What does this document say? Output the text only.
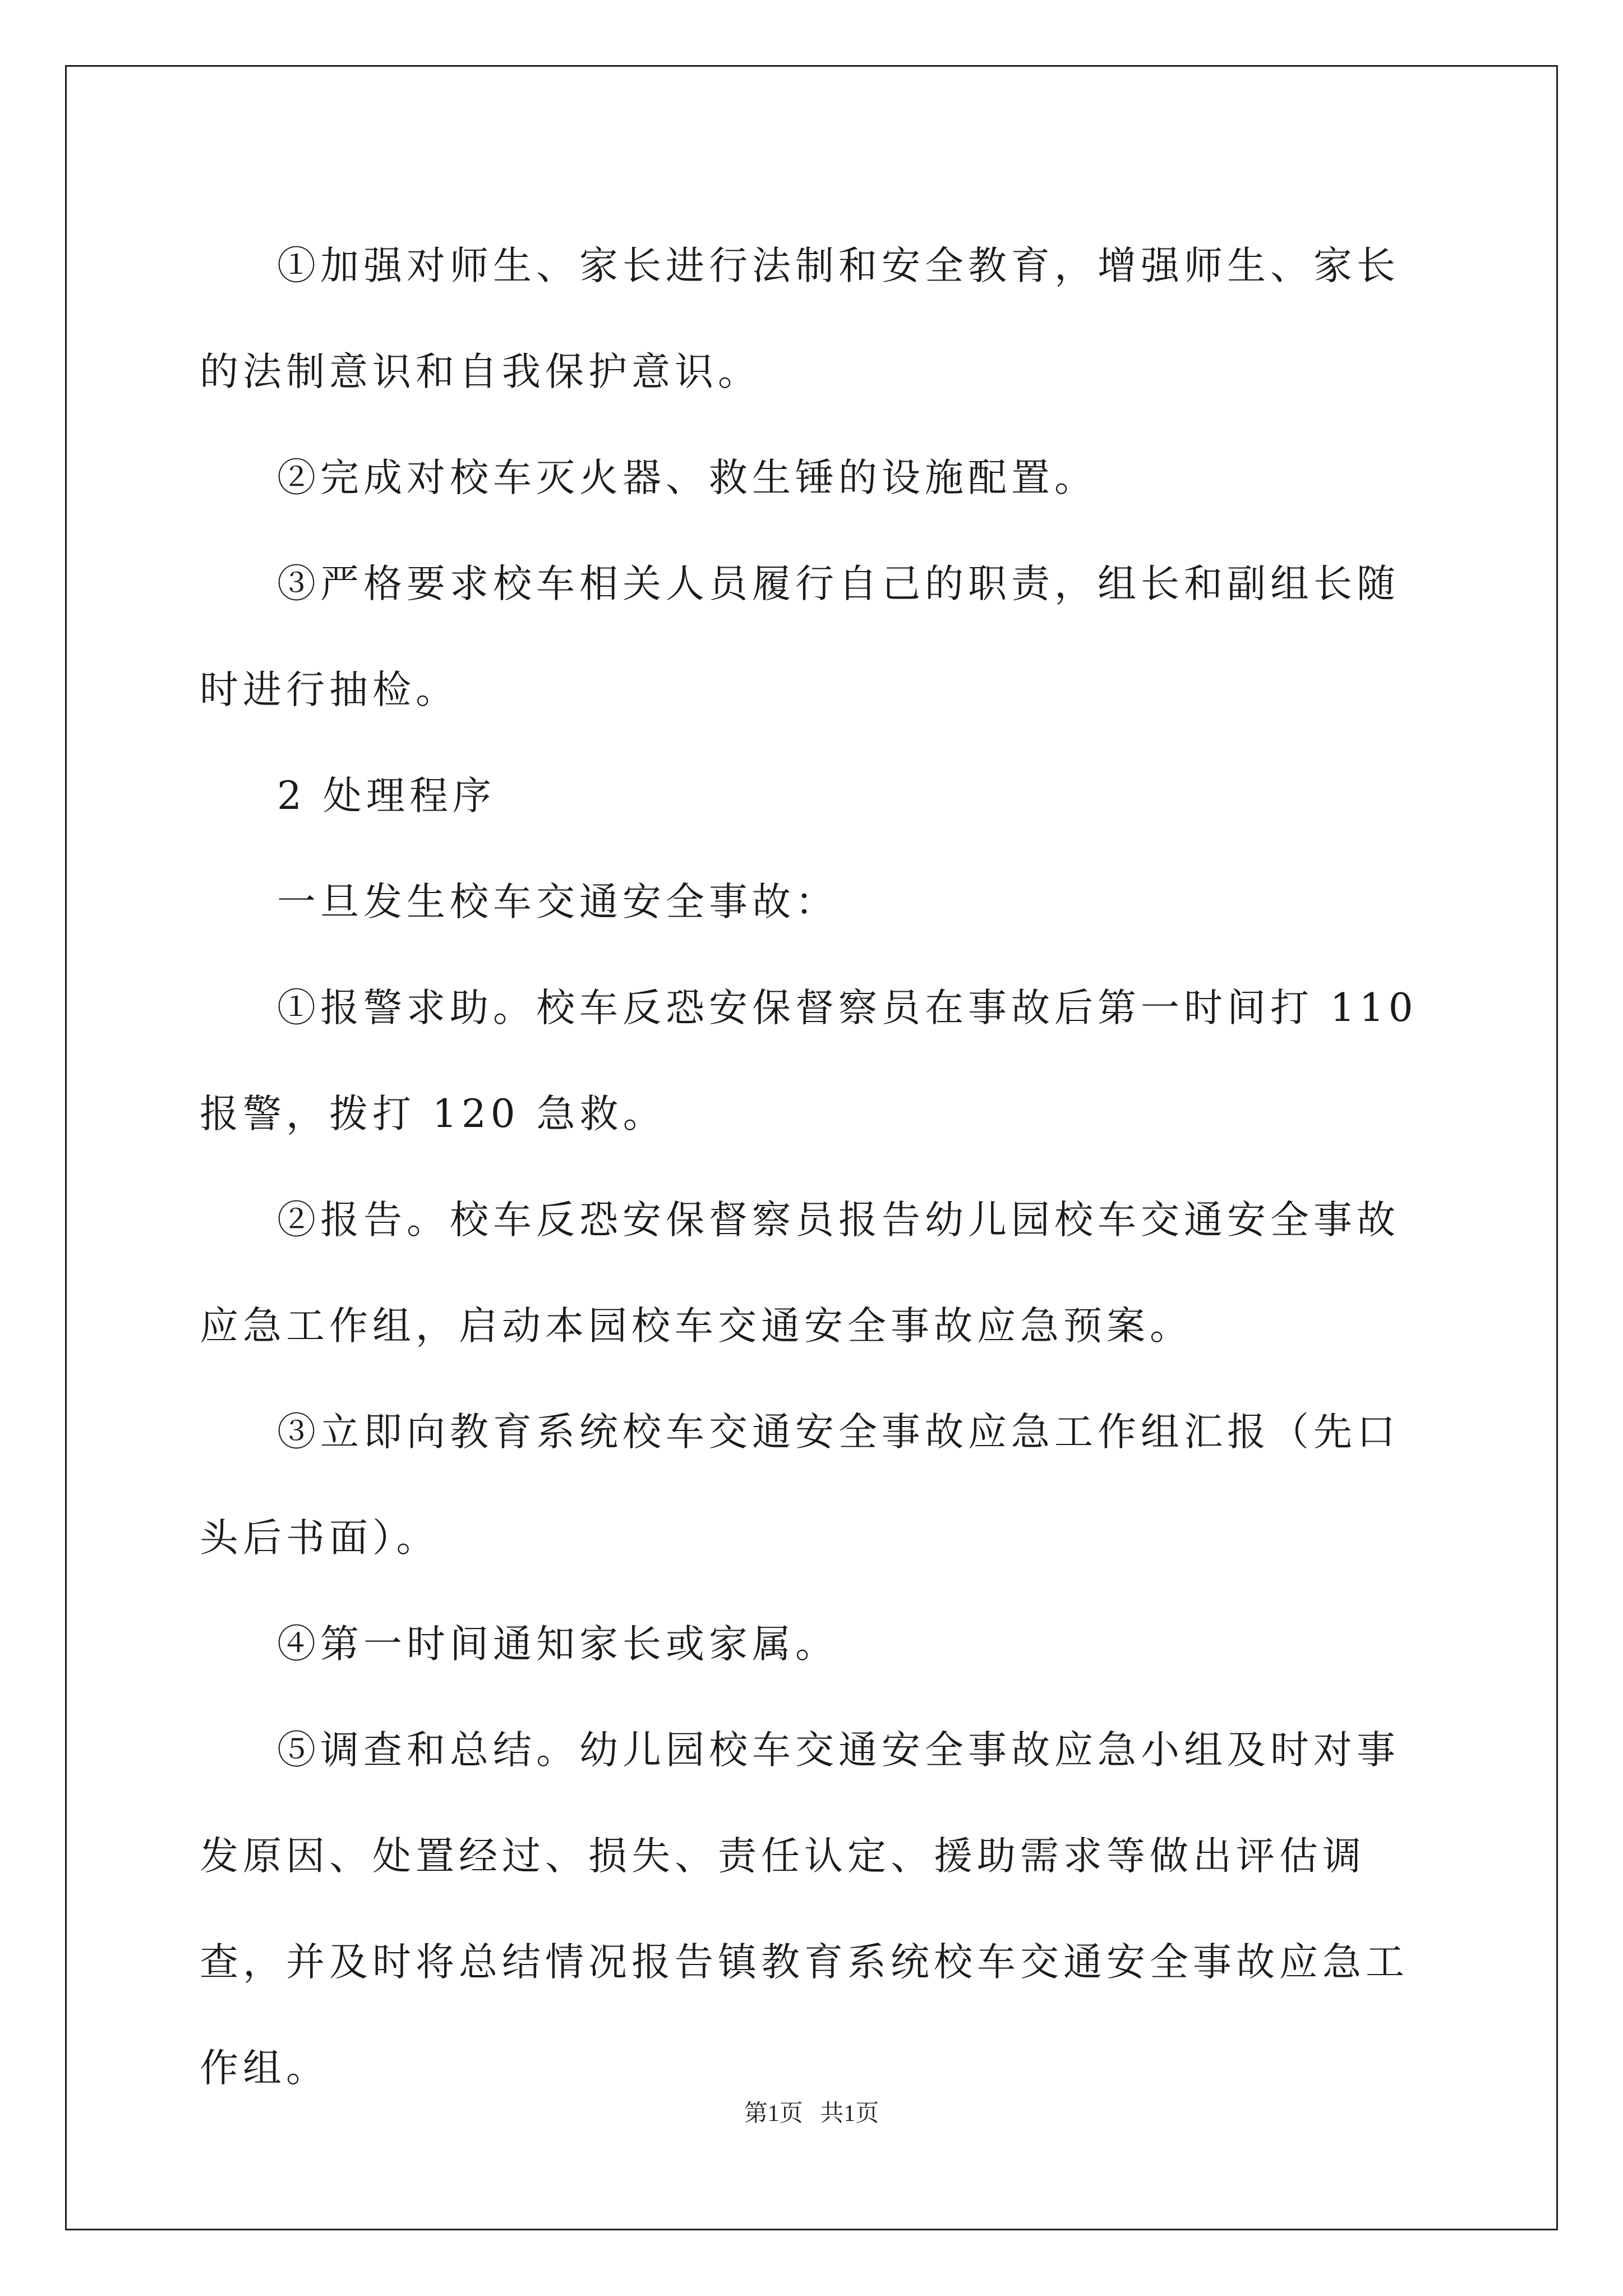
①加强对师生、家长进行法制和安全教育，增强师生、家长的法制意识和自我保护意识。

②完成对校车灭火器、救生锤的设施配置。

③严格要求校车相关人员履行自己的职责，组长和副组长随时进行抽检。

2 处理程序

一旦发生校车交通安全事故：

①报警求助。校车反恐安保督察员在事故后第一时间打 110 报警，拨打 120 急救。

②报告。校车反恐安保督察员报告幼儿园校车交通安全事故应急工作组，启动本园校车交通安全事故应急预案。

③立即向教育系统校车交通安全事故应急工作组汇报（先口头后书面）。

④第一时间通知家长或家属。

⑤调查和总结。幼儿园校车交通安全事故应急小组及时对事发原因、处置经过、损失、责任认定、援助需求等做出评估调查，并及时将总结情况报告镇教育系统校车交通安全事故应急工作组。

第1页 共1页
